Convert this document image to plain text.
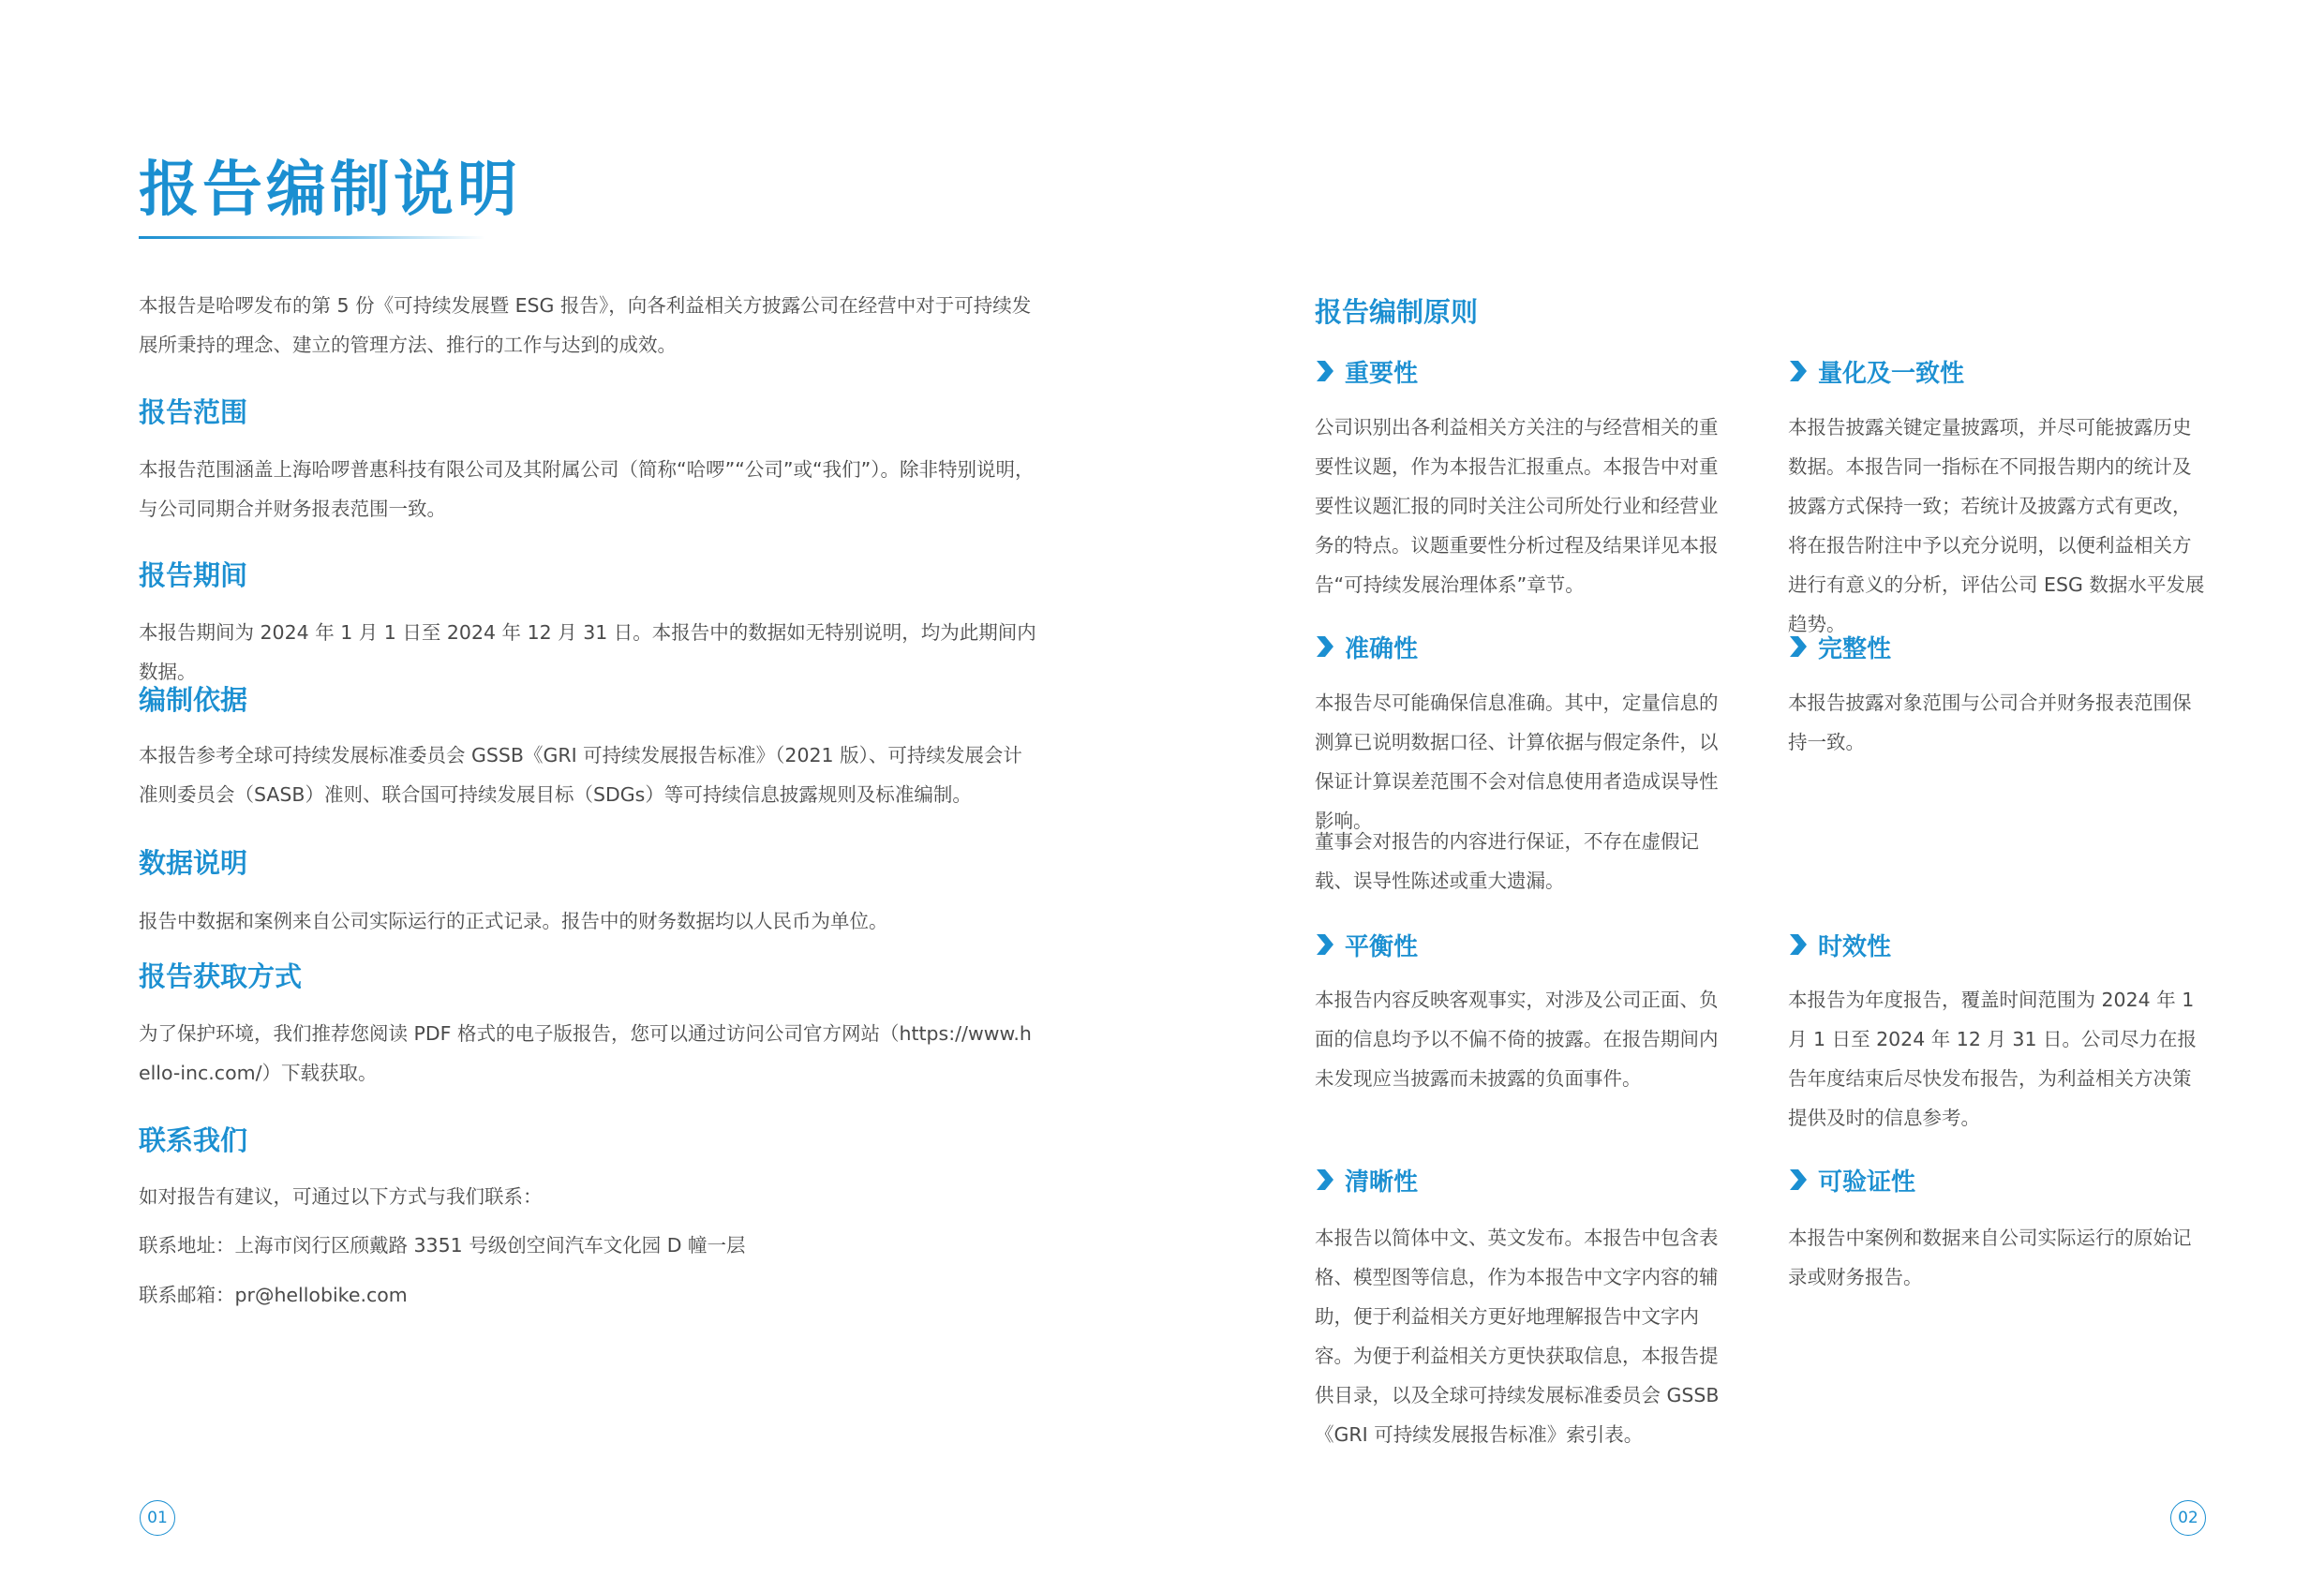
报告编制说明

本报告是哈啰发布的第 5 份《可持续发展暨 ESG 报告》，向各利益相关方披露公司在经营中对于可持续发展所秉持的理念、建立的管理方法、推行的工作与达到的成效。

报告范围

本报告范围涵盖上海哈啰普惠科技有限公司及其附属公司（简称“哈啰”“公司”或“我们”）。除非特别说明，与公司同期合并财务报表范围一致。

报告期间

本报告期间为 2024 年 1 月 1 日至 2024 年 12 月 31 日。本报告中的数据如无特别说明，均为此期间内数据。

编制依据

本报告参考全球可持续发展标准委员会 GSSB《GRI 可持续发展报告标准》（2021 版）、可持续发展会计准则委员会（SASB）准则、联合国可持续发展目标（SDGs）等可持续信息披露规则及标准编制。

数据说明

报告中数据和案例来自公司实际运行的正式记录。报告中的财务数据均以人民币为单位。

报告获取方式

为了保护环境，我们推荐您阅读 PDF 格式的电子版报告，您可以通过访问公司官方网站（https://www.hello-inc.com/）下载获取。

联系我们

如对报告有建议，可通过以下方式与我们联系：

联系地址：上海市闵行区颀戴路 3351 号级创空间汽车文化园 D 幢一层

联系邮箱：pr@hellobike.com

01
报告编制原则
重要性

公司识别出各利益相关方关注的与经营相关的重要性议题，作为本报告汇报重点。本报告中对重要性议题汇报的同时关注公司所处行业和经营业务的特点。议题重要性分析过程及结果详见本报告“可持续发展治理体系”章节。

量化及一致性

本报告披露关键定量披露项，并尽可能披露历史数据。本报告同一指标在不同报告期内的统计及披露方式保持一致；若统计及披露方式有更改，将在报告附注中予以充分说明，以便利益相关方进行有意义的分析，评估公司 ESG 数据水平发展趋势。

准确性

本报告尽可能确保信息准确。其中，定量信息的测算已说明数据口径、计算依据与假定条件，以保证计算误差范围不会对信息使用者造成误导性影响。

董事会对报告的内容进行保证，不存在虚假记载、误导性陈述或重大遗漏。

完整性

本报告披露对象范围与公司合并财务报表范围保持一致。

平衡性

本报告内容反映客观事实，对涉及公司正面、负面的信息均予以不偏不倚的披露。在报告期间内未发现应当披露而未披露的负面事件。

时效性

本报告为年度报告，覆盖时间范围为 2024 年 1 月 1 日至 2024 年 12 月 31 日。公司尽力在报告年度结束后尽快发布报告，为利益相关方决策提供及时的信息参考。

清晰性

本报告以简体中文、英文发布。本报告中包含表格、模型图等信息，作为本报告中文字内容的辅助，便于利益相关方更好地理解报告中文字内容。为便于利益相关方更快获取信息，本报告提供目录，以及全球可持续发展标准委员会 GSSB《GRI 可持续发展报告标准》索引表。

可验证性

本报告中案例和数据来自公司实际运行的原始记录或财务报告。

02
